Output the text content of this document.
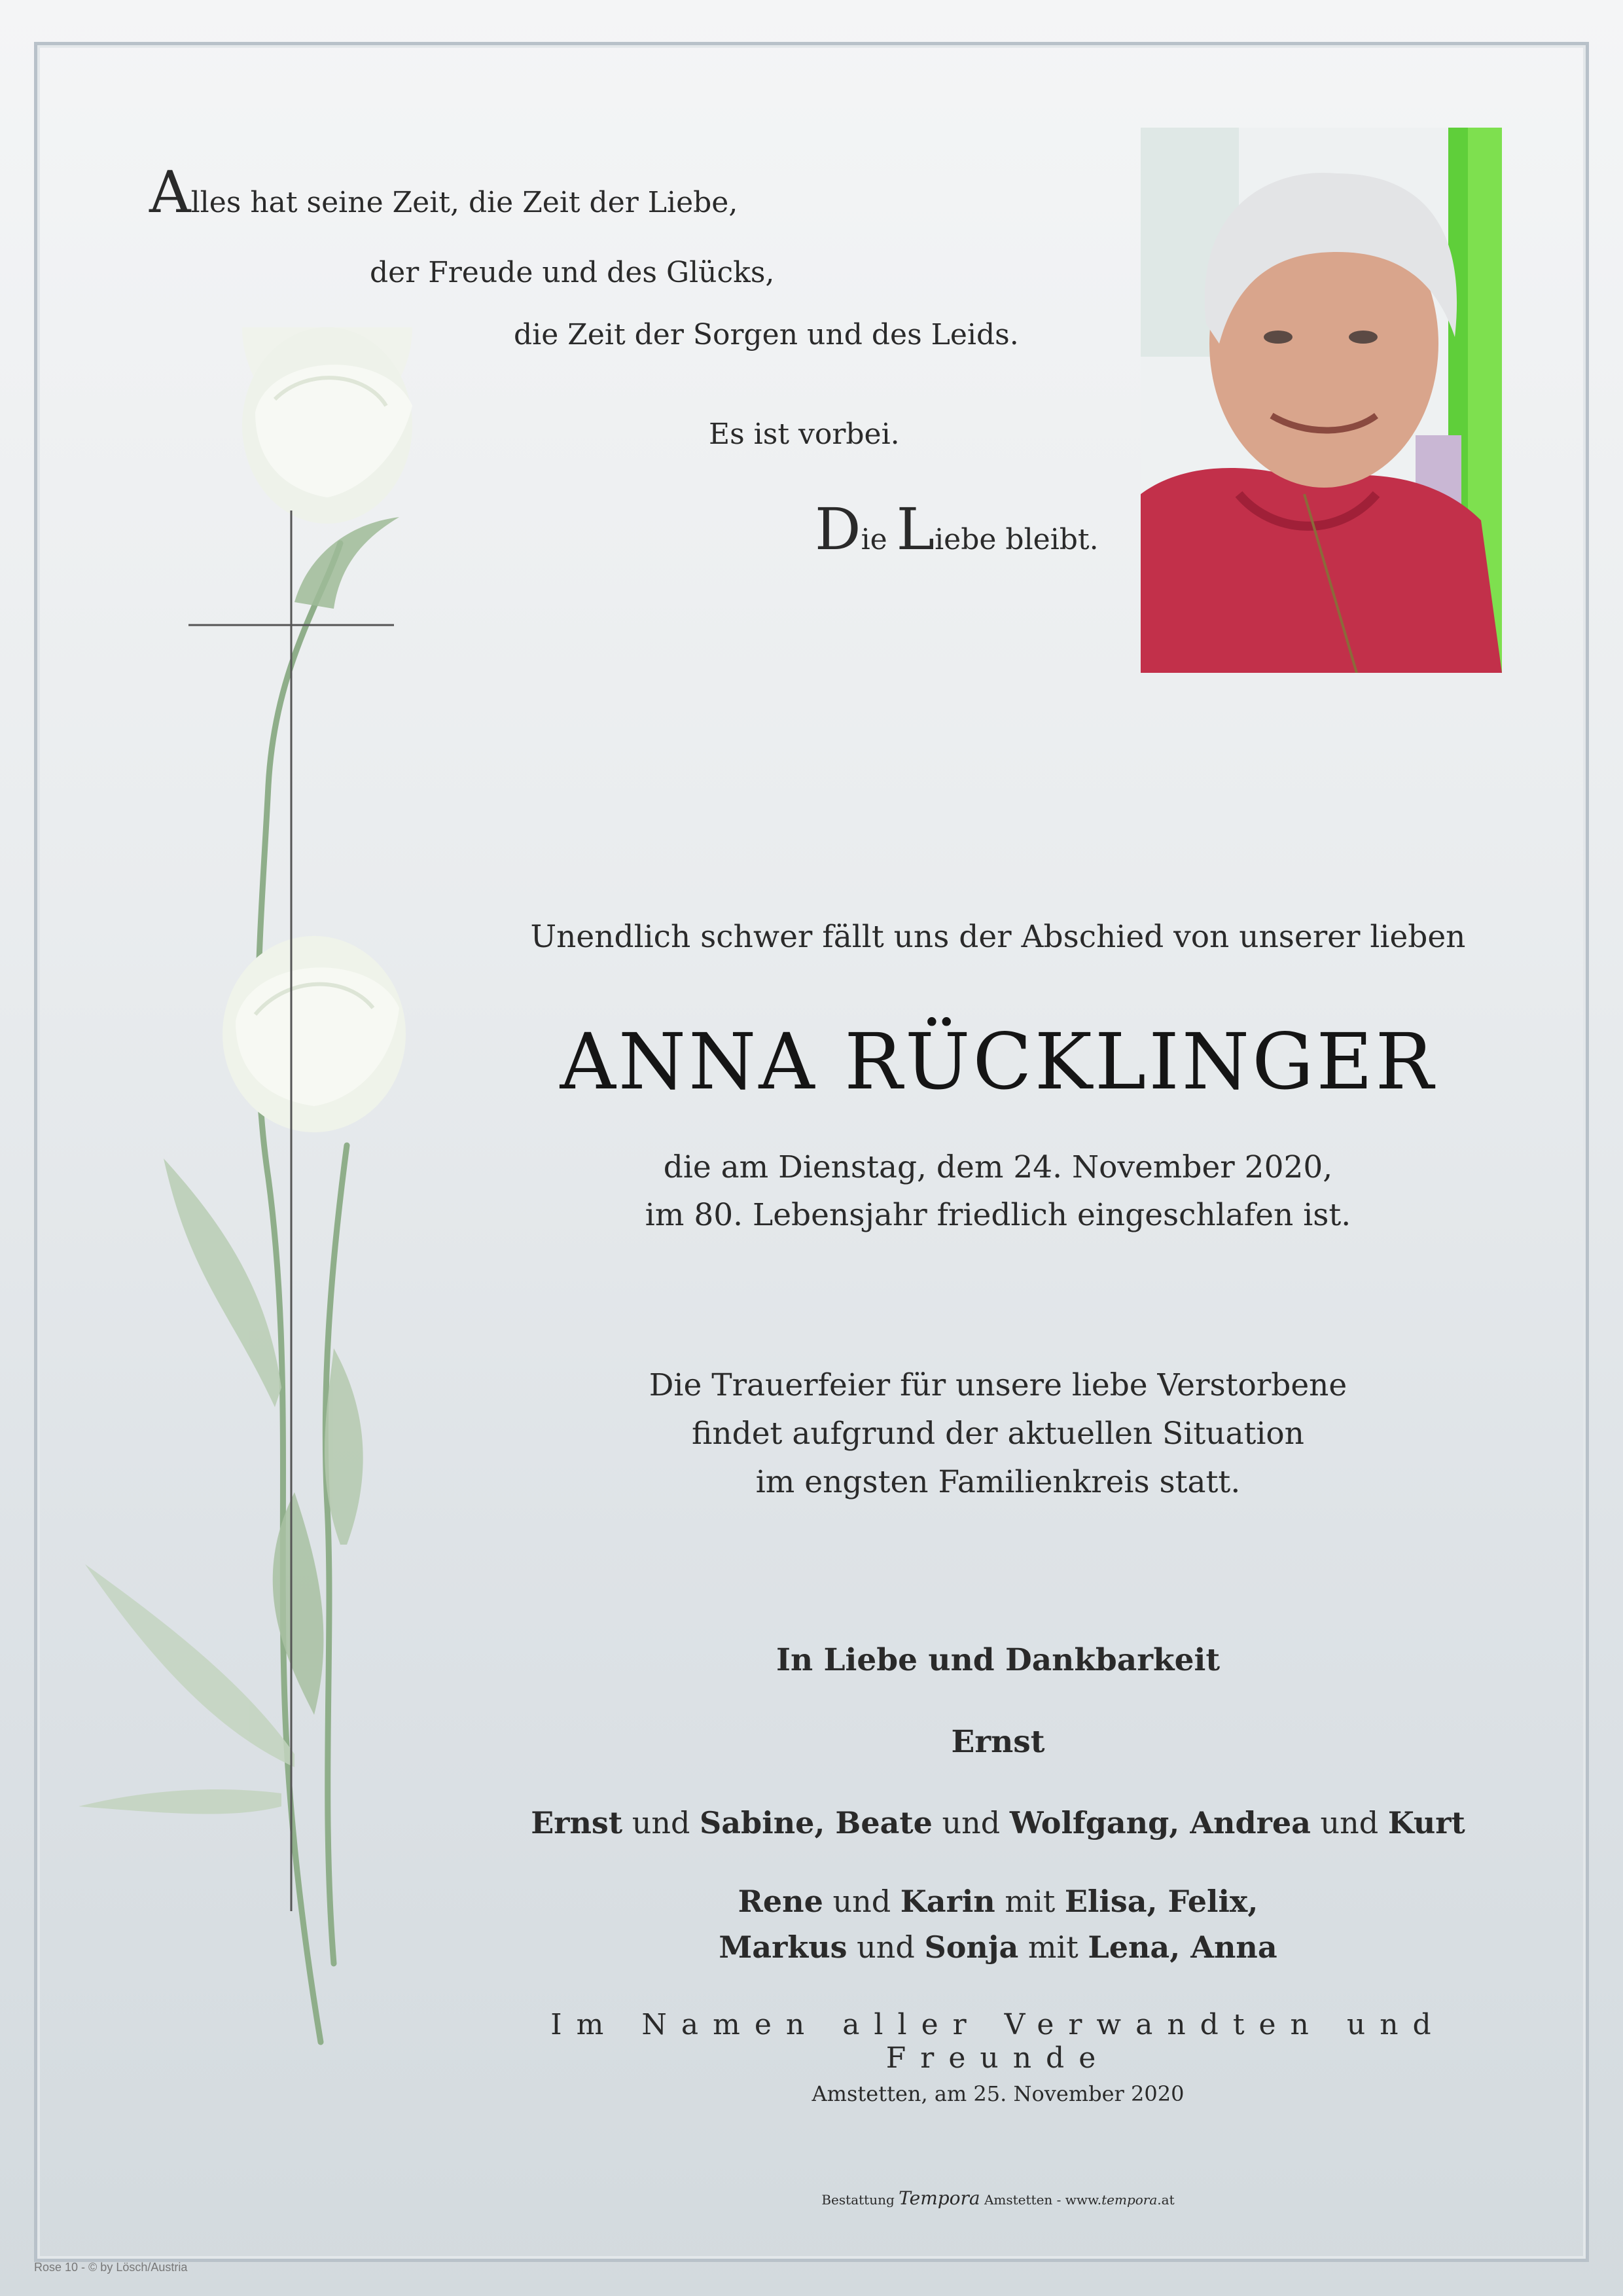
Alles hat seine Zeit, die Zeit der Liebe,
der Freude und des Glücks,
die Zeit der Sorgen und des Leids.
Es ist vorbei.
Die Liebe bleibt.
Unendlich schwer fällt uns der Abschied von unserer lieben
ANNA RÜCKLINGER
die am Dienstag, dem 24. November 2020,
im 80. Lebensjahr friedlich eingeschlafen ist.
Die Trauerfeier für unsere liebe Verstorbene
findet aufgrund der aktuellen Situation
im engsten Familienkreis statt.
In Liebe und Dankbarkeit
Ernst
Ernst und Sabine, Beate und Wolfgang, Andrea und Kurt
Rene und Karin mit Elisa, Felix,
Markus und Sonja mit Lena, Anna
Im Namen aller Verwandten und Freunde
Amstetten, am 25. November 2020
Bestattung Tempora Amstetten - www.tempora.at
Rose 10 - © by Lösch/Austria
